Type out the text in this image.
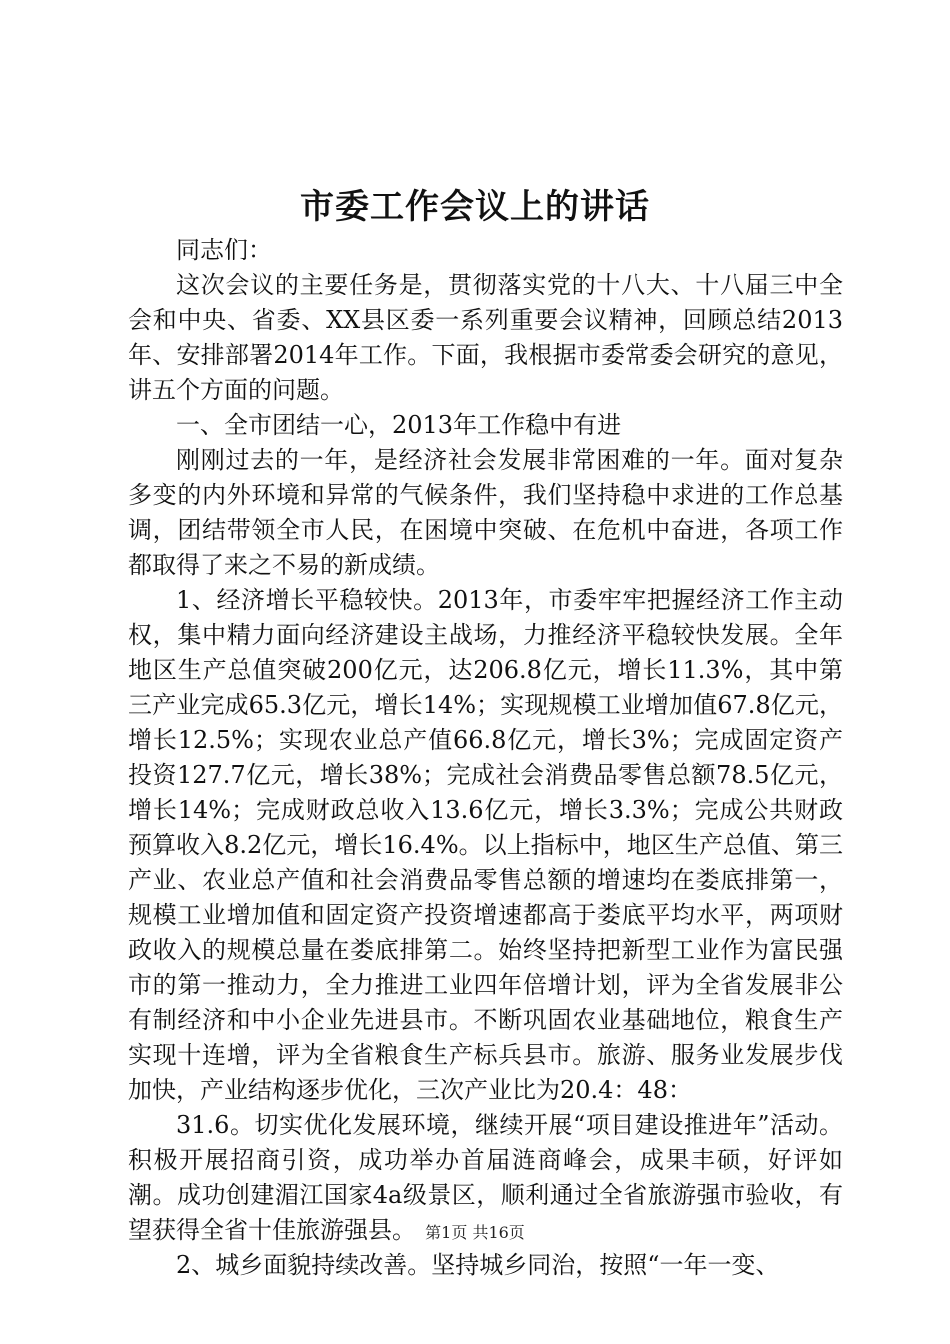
市委工作会议上的讲话

同志们：

这次会议的主要任务是，贯彻落实党的十八大、十八届三中全会和中央、省委、XX县区委一系列重要会议精神，回顾总结2013年、安排部署2014年工作。下面，我根据市委常委会研究的意见，讲五个方面的问题。

一、全市团结一心，2013年工作稳中有进

刚刚过去的一年，是经济社会发展非常困难的一年。面对复杂多变的内外环境和异常的气候条件，我们坚持稳中求进的工作总基调，团结带领全市人民，在困境中突破、在危机中奋进，各项工作都取得了来之不易的新成绩。

1、经济增长平稳较快。2013年，市委牢牢把握经济工作主动权，集中精力面向经济建设主战场，力推经济平稳较快发展。全年地区生产总值突破200亿元，达206.8亿元，增长11.3%，其中第三产业完成65.3亿元，增长14%；实现规模工业增加值67.8亿元，增长12.5%；实现农业总产值66.8亿元，增长3%；完成固定资产投资127.7亿元，增长38%；完成社会消费品零售总额78.5亿元，增长14%；完成财政总收入13.6亿元，增长3.3%；完成公共财政预算收入8.2亿元，增长16.4%。以上指标中，地区生产总值、第三产业、农业总产值和社会消费品零售总额的增速均在娄底排第一，规模工业增加值和固定资产投资增速都高于娄底平均水平，两项财政收入的规模总量在娄底排第二。始终坚持把新型工业作为富民强市的第一推动力，全力推进工业四年倍增计划，评为全省发展非公有制经济和中小企业先进县市。不断巩固农业基础地位，粮食生产实现十连增，评为全省粮食生产标兵县市。旅游、服务业发展步伐加快，产业结构逐步优化，三次产业比为20.4：48：

31.6。切实优化发展环境，继续开展“项目建设推进年”活动。积极开展招商引资，成功举办首届涟商峰会，成果丰硕，好评如潮。成功创建湄江国家4a级景区，顺利通过全省旅游强市验收，有望获得全省十佳旅游强县。

2、城乡面貌持续改善。坚持城乡同治，按照“一年一变、

第1页 共16页
